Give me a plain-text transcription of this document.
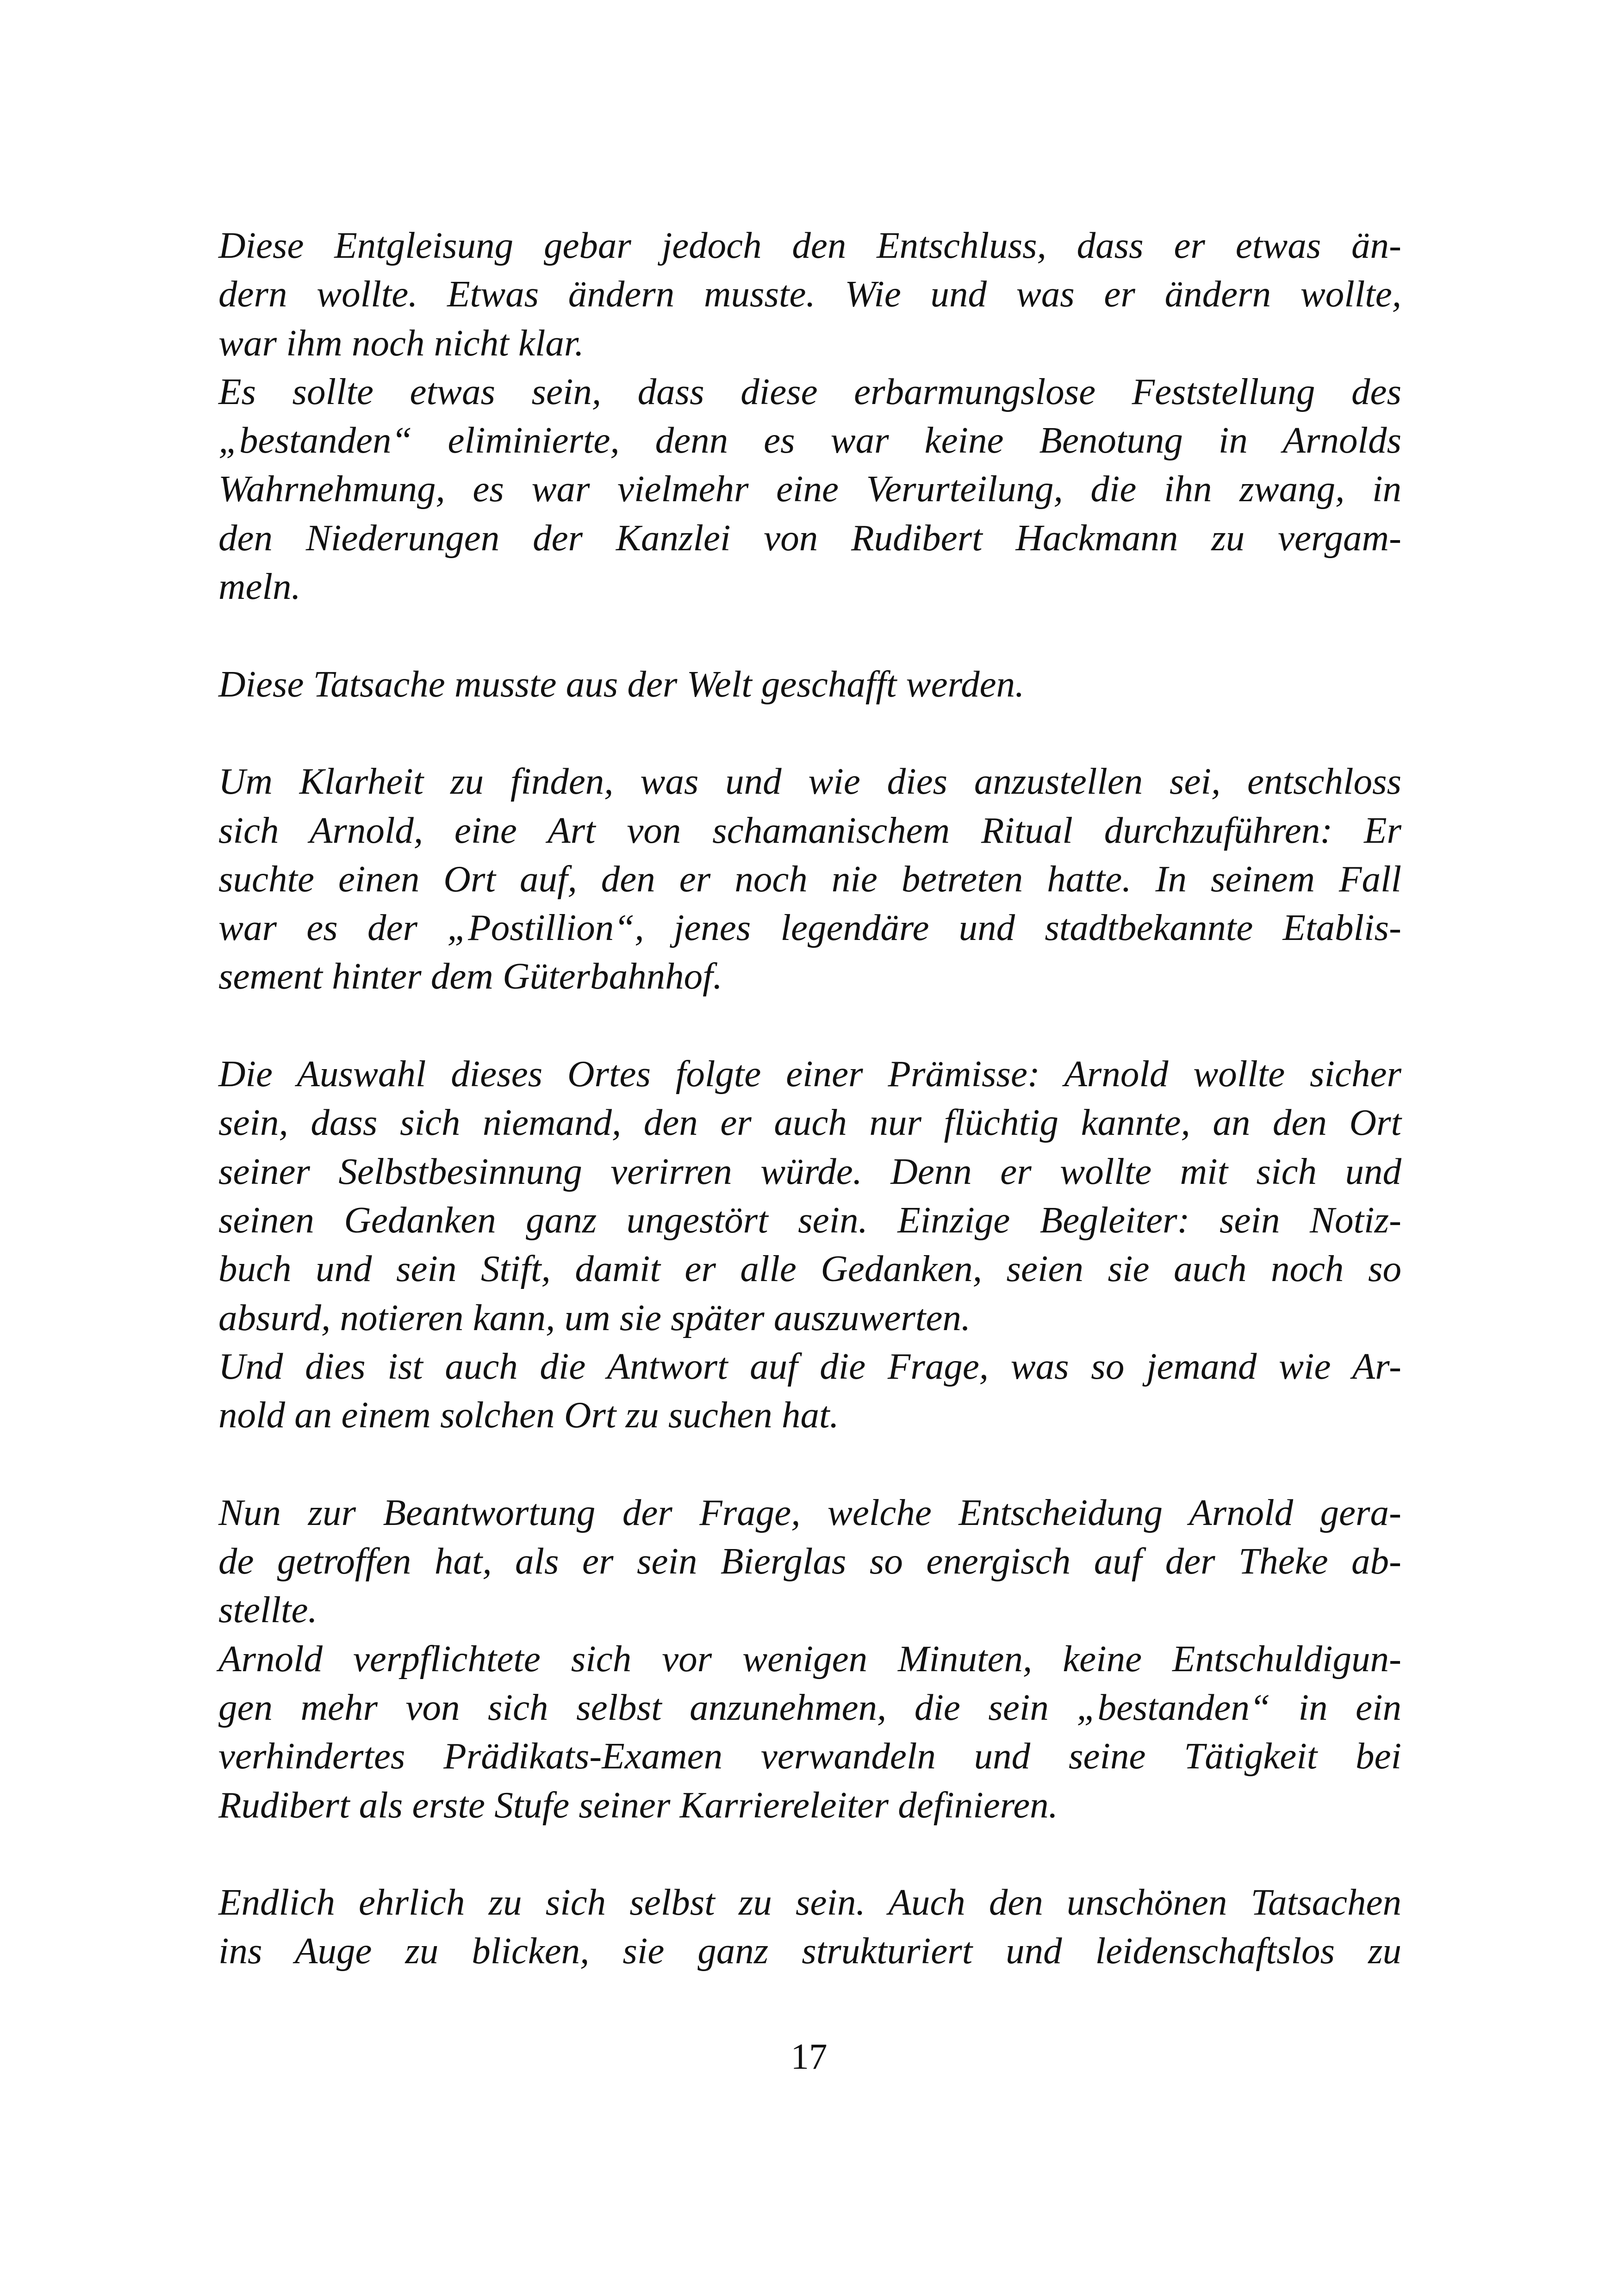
Diese Entgleisung gebar jedoch den Entschluss, dass er etwas än-
dern wollte. Etwas ändern musste. Wie und was er ändern wollte,
war ihm noch nicht klar.
Es sollte etwas sein, dass diese erbarmungslose Feststellung des
„bestanden“ eliminierte, denn es war keine Benotung in Arnolds
Wahrnehmung, es war vielmehr eine Verurteilung, die ihn zwang, in
den Niederungen der Kanzlei von Rudibert Hackmann zu vergam-
meln.
Diese Tatsache musste aus der Welt geschafft werden.
Um Klarheit zu finden, was und wie dies anzustellen sei, entschloss
sich Arnold, eine Art von schamanischem Ritual durchzuführen: Er
suchte einen Ort auf, den er noch nie betreten hatte. In seinem Fall
war es der „Postillion“, jenes legendäre und stadtbekannte Etablis-
sement hinter dem Güterbahnhof.
Die Auswahl dieses Ortes folgte einer Prämisse: Arnold wollte sicher
sein, dass sich niemand, den er auch nur flüchtig kannte, an den Ort
seiner Selbstbesinnung verirren würde. Denn er wollte mit sich und
seinen Gedanken ganz ungestört sein. Einzige Begleiter: sein Notiz-
buch und sein Stift, damit er alle Gedanken, seien sie auch noch so
absurd, notieren kann, um sie später auszuwerten.
Und dies ist auch die Antwort auf die Frage, was so jemand wie Ar-
nold an einem solchen Ort zu suchen hat.
Nun zur Beantwortung der Frage, welche Entscheidung Arnold gera-
de getroffen hat, als er sein Bierglas so energisch auf der Theke ab-
stellte.
Arnold verpflichtete sich vor wenigen Minuten, keine Entschuldigun-
gen mehr von sich selbst anzunehmen, die sein „bestanden“ in ein
verhindertes Prädikats-Examen verwandeln und seine Tätigkeit bei
Rudibert als erste Stufe seiner Karriereleiter definieren.
Endlich ehrlich zu sich selbst zu sein. Auch den unschönen Tatsachen
ins Auge zu blicken, sie ganz strukturiert und leidenschaftslos zu
17
